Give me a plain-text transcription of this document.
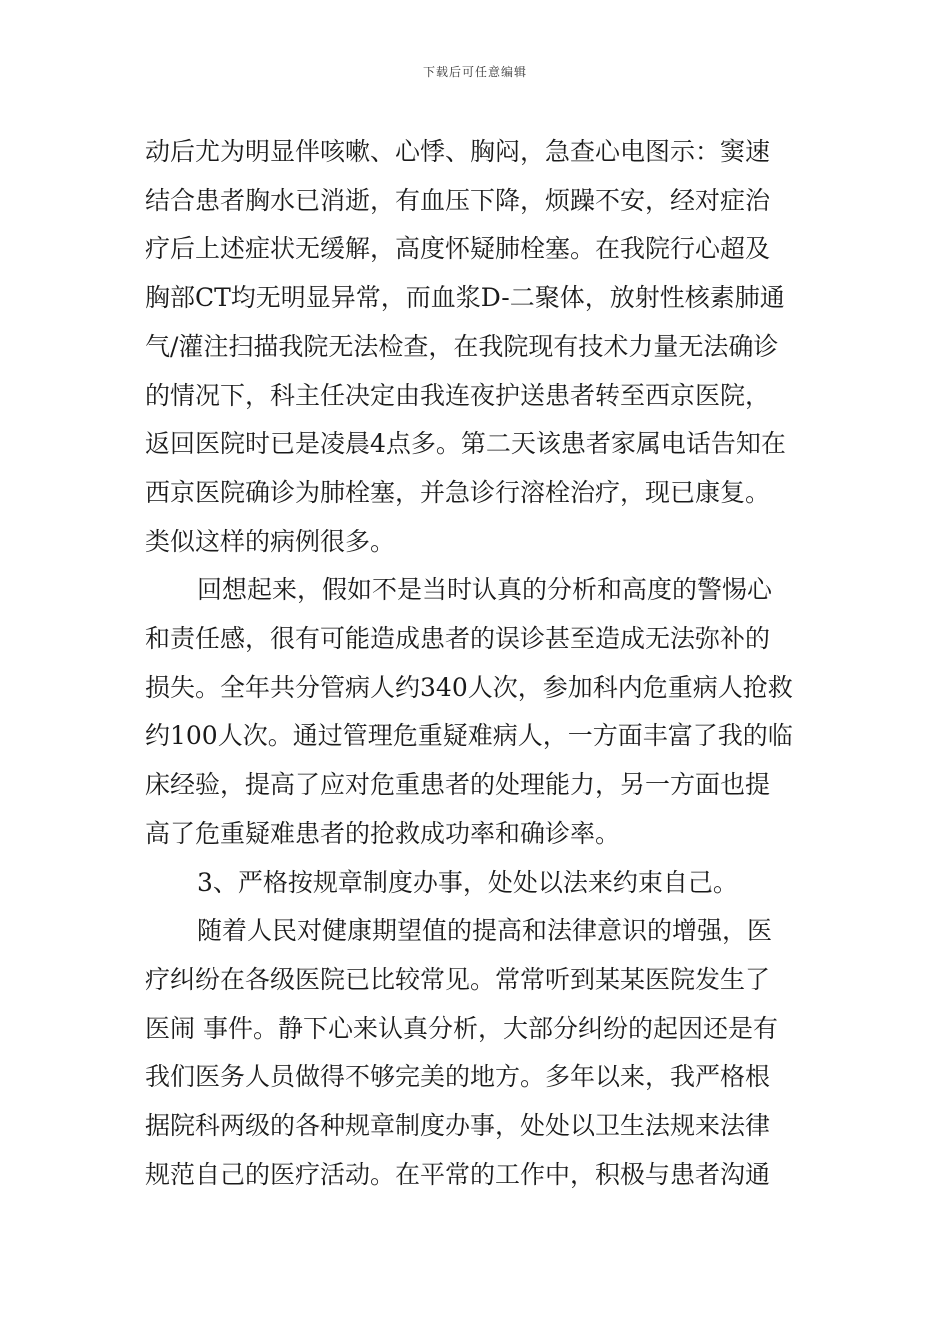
下载后可任意编辑

动后尤为明显伴咳嗽、心悸、胸闷，急查心电图示：窦速
结合患者胸水已消逝，有血压下降，烦躁不安，经对症治
疗后上述症状无缓解，高度怀疑肺栓塞。在我院行心超及
胸部CT均无明显异常，而血浆D-二聚体，放射性核素肺通
气/灌注扫描我院无法检查，在我院现有技术力量无法确诊
的情况下，科主任决定由我连夜护送患者转至西京医院，
返回医院时已是凌晨4点多。第二天该患者家属电话告知在
西京医院确诊为肺栓塞，并急诊行溶栓治疗，现已康复。
类似这样的病例很多。

回想起来，假如不是当时认真的分析和高度的警惕心
和责任感，很有可能造成患者的误诊甚至造成无法弥补的
损失。全年共分管病人约340人次，参加科内危重病人抢救
约100人次。通过管理危重疑难病人，一方面丰富了我的临
床经验，提高了应对危重患者的处理能力，另一方面也提
高了危重疑难患者的抢救成功率和确诊率。

3、严格按规章制度办事，处处以法来约束自己。

随着人民对健康期望值的提高和法律意识的增强，医
疗纠纷在各级医院已比较常见。常常听到某某医院发生了
医闹 事件。静下心来认真分析，大部分纠纷的起因还是有
我们医务人员做得不够完美的地方。多年以来，我严格根
据院科两级的各种规章制度办事，处处以卫生法规来法律
规范自己的医疗活动。在平常的工作中，积极与患者沟通
